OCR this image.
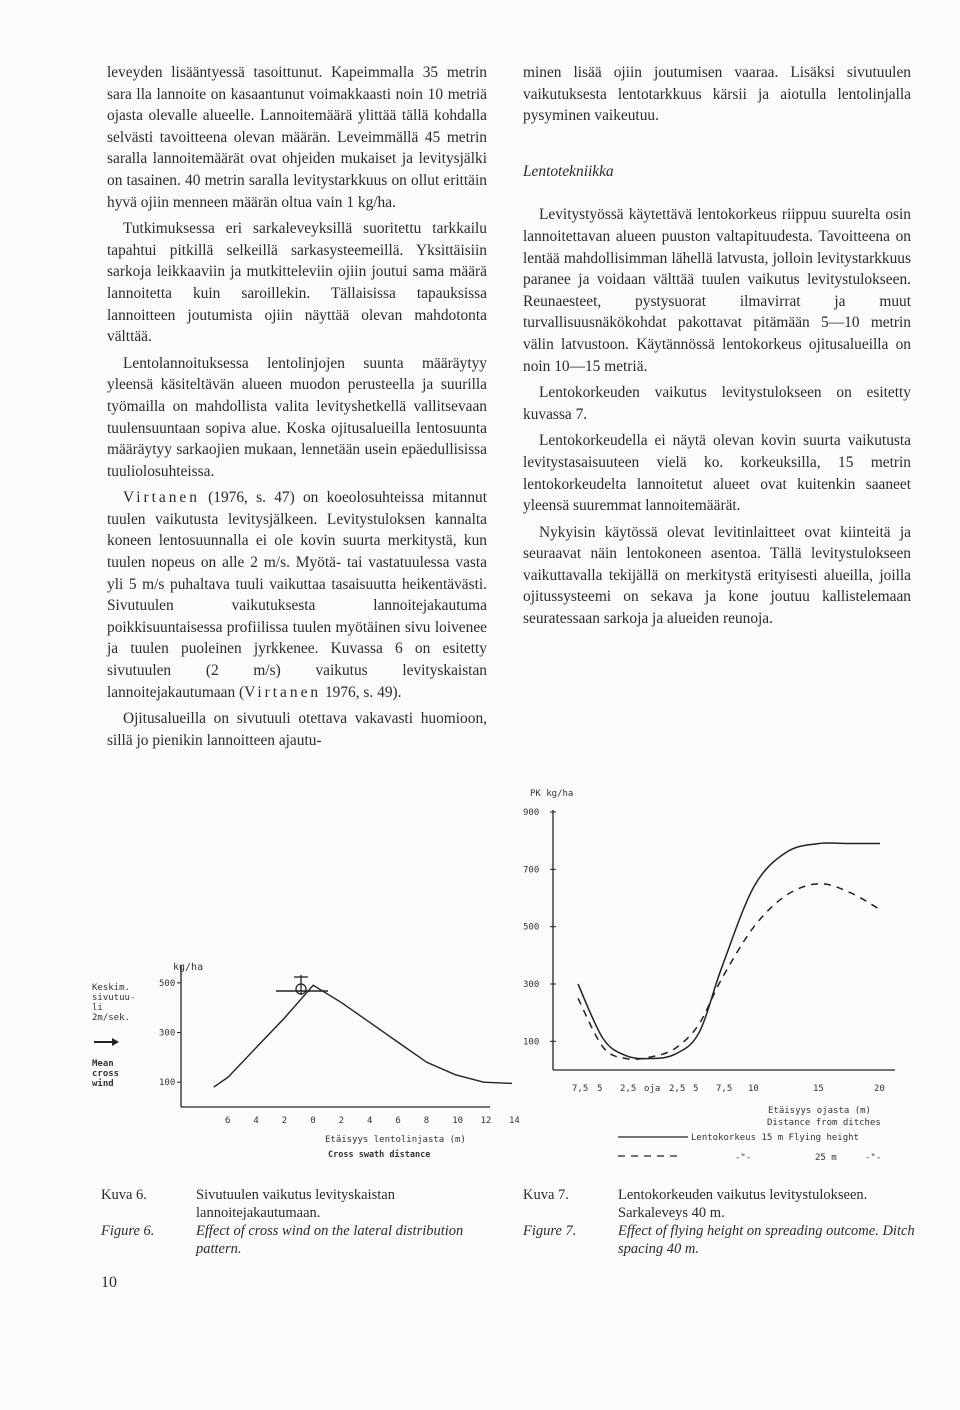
leveyden lisääntyessä tasoittunut. Kapeimmalla 35 metrin sara lla lannoite on kasaantunut voimakkaasti noin 10 metriä ojasta olevalle alueelle. Lannoitemäärä ylittää tällä kohdalla selvästi tavoitteena olevan määrän. Leveimmällä 45 metrin saralla lannoitemäärät ovat ohjeiden mukaiset ja levitysjälki on tasainen. 40 metrin saralla levitystarkkuus on ollut erittäin hyvä ojiin menneen määrän oltua vain 1 kg/ha.

Tutkimuksessa eri sarkaleveyksillä suoritettu tarkkailu tapahtui pitkillä selkeillä sarkasysteemeillä. Yksittäisiin sarkoja leikkaaviin ja mutkitteleviin ojiin joutui sama määrä lannoitetta kuin saroillekin. Tällaisissa tapauksissa lannoitteen joutumista ojiin näyttää olevan mahdotonta välttää.

Lentolannoituksessa lentolinjojen suunta määräytyy yleensä käsiteltävän alueen muodon perusteella ja suurilla työmailla on mahdollista valita levityshetkellä vallitsevaan tuulensuuntaan sopiva alue. Koska ojitusalueilla lentosuunta määräytyy sarkaojien mukaan, lennetään usein epäedullisissa tuuliolosuhteissa.

Virtanen (1976, s. 47) on koeolosuhteissa mitannut tuulen vaikutusta levitysjälkeen. Levitystuloksen kannalta koneen lentosuunnalla ei ole kovin suurta merkitystä, kun tuulen nopeus on alle 2 m/s. Myötä- tai vastatuulessa vasta yli 5 m/s puhaltava tuuli vaikuttaa tasaisuutta heikentävästi. Sivutuulen vaikutuksesta lannoitejakautuma poikkisuuntaisessa profiilissa tuulen myötäinen sivu loivenee ja tuulen puoleinen jyrkkenee. Kuvassa 6 on esitetty sivutuulen (2 m/s) vaikutus levityskaistan lannoitejakautumaan (Virtanen 1976, s. 49).

Ojitusalueilla on sivutuuli otettava vakavasti huomioon, sillä jo pienikin lannoitteen ajautu-

minen lisää ojiin joutumisen vaaraa. Lisäksi sivutuulen vaikutuksesta lentotarkkuus kärsii ja aiotulla lentolinjalla pysyminen vaikeutuu.

Lentotekniikka

Levitystyössä käytettävä lentokorkeus riippuu suurelta osin lannoitettavan alueen puuston valtapituudesta. Tavoitteena on lentää mahdollisimman lähellä latvusta, jolloin levitystarkkuus paranee ja voidaan välttää tuulen vaikutus levitystulokseen. Reunaesteet, pystysuorat ilmavirrat ja muut turvallisuusnäkökohdat pakottavat pitämään 5—10 metrin välin latvustoon. Käytännössä lentokorkeus ojitusalueilla on noin 10—15 metriä.

Lentokorkeuden vaikutus levitystulokseen on esitetty kuvassa 7.

Lentokorkeudella ei näytä olevan kovin suurta vaikutusta levitystasaisuuteen vielä ko. korkeuksilla, 15 metrin lentokorkeudelta lannoitetut alueet ovat kuitenkin saaneet yleensä suuremmat lannoitemäärät.

Nykyisin käytössä olevat levitinlaitteet ovat kiinteitä ja seuraavat näin lentokoneen asentoa. Tällä levitystulokseen vaikuttavalla tekijällä on merkitystä erityisesti alueilla, joilla ojitussysteemi on sekava ja kone joutuu kallistelemaan seuratessaan sarkoja ja alueiden reunoja.

kg/ha
Keskim.
sivutuu-
li
2m/sek.
Mean
cross
wind	100
300
500
6	4	2	0	2	4	6	8	10 12 14
Etäisyys lentolinjasta (m)
Cross swath distance
PK kg/ha
100
300
500
700
900
7,5 5 2,5 oja 2,5 5 7,5 10	15	20
Etäisyys ojasta (m)
Distance from ditches
Lentokorkeus 15 m Flying height
-"-	25 m	-"-
Kuva 6.	Sivutuulen vaikutus levityskaistan lannoitejakautumaan.
Figure 6.	Effect of cross wind on the lateral distribution pattern.
Kuva 7.	Lentokorkeuden vaikutus levitystulokseen. Sarkaleveys 40 m.
Figure 7.	Effect of flying height on spreading outcome. Ditch spacing 40 m.
10
